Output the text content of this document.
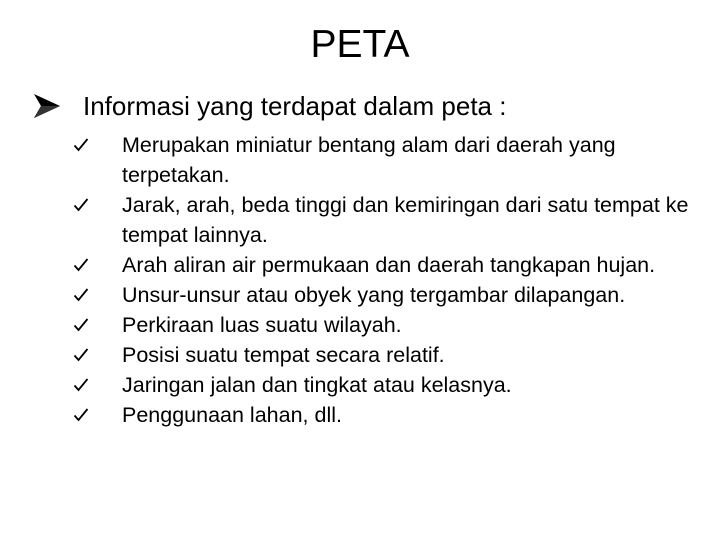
PETA
Informasi yang terdapat dalam peta :
Merupakan miniatur bentang alam dari daerah yang terpetakan.
Jarak, arah, beda tinggi dan kemiringan dari satu tempat ke tempat lainnya.
Arah aliran air permukaan dan daerah tangkapan hujan.
Unsur-unsur atau obyek yang tergambar dilapangan.
Perkiraan luas suatu wilayah.
Posisi suatu tempat secara relatif.
Jaringan jalan dan tingkat atau kelasnya.
Penggunaan lahan, dll.
